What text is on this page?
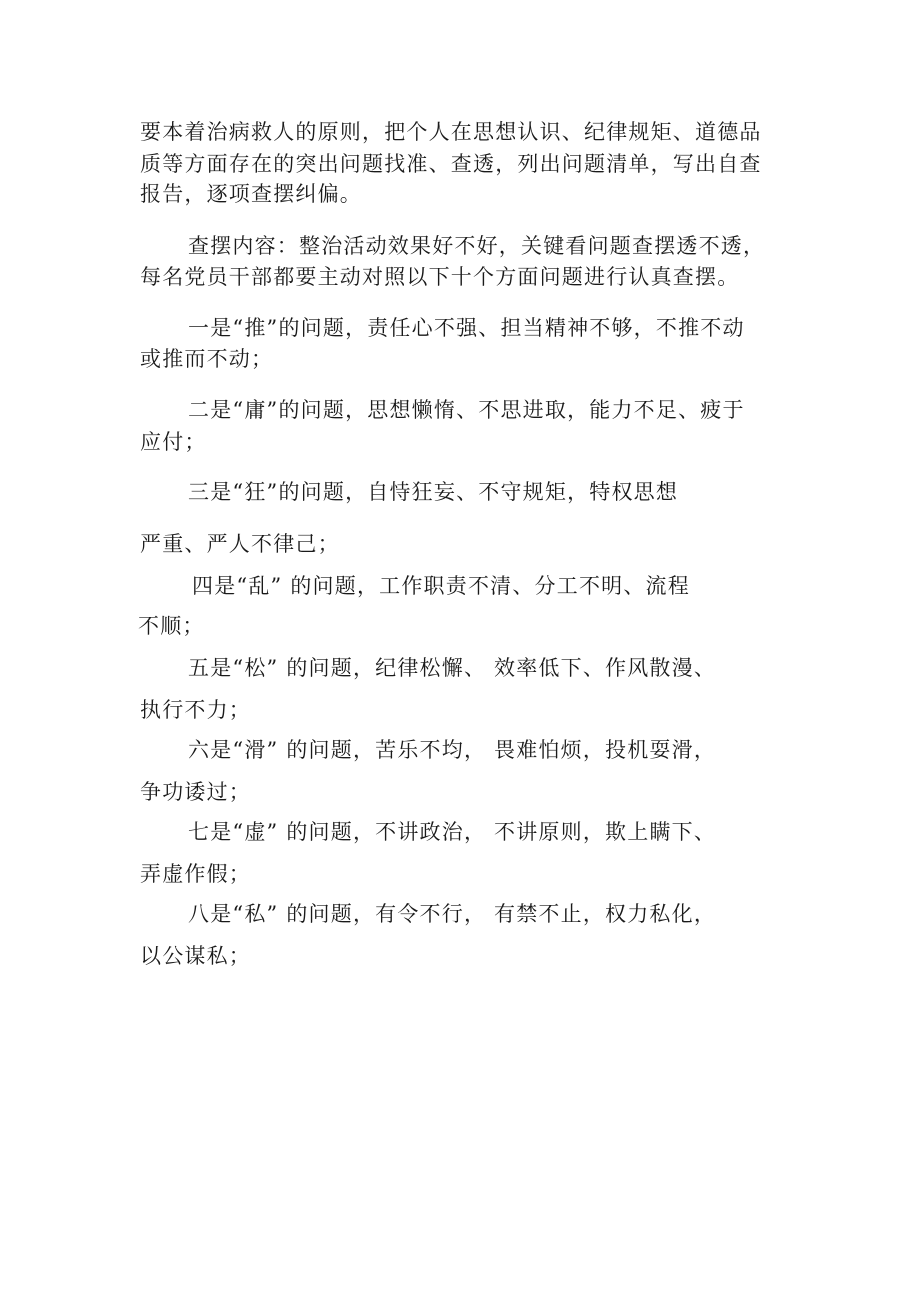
要本着治病救人的原则，把个人在思想认识、纪律规矩、道德品
质等方面存在的突出问题找准、查透，列出问题清单，写出自查
报告，逐项查摆纠偏。
查摆内容：整治活动效果好不好，关键看问题查摆透不透，
每名党员干部都要主动对照以下十个方面问题进行认真查摆。
一是“推”的问题，责任心不强、担当精神不够，不推不动
或推而不动；
二是“庸”的问题，思想懒惰、不思进取，能力不足、疲于
应付；
三是“狂”的问题，自恃狂妄、不守规矩，特权思想
严重、严人不律己；
四是“乱” 的问题，工作职责不清、分工不明、流程
不顺；
五是“松” 的问题，纪律松懈、 效率低下、作风散漫、
执行不力；
六是“滑” 的问题，苦乐不均， 畏难怕烦，投机耍滑，
争功诿过；
七是“虚” 的问题，不讲政治， 不讲原则，欺上瞒下、
弄虚作假；
八是“私” 的问题，有令不行， 有禁不止，权力私化，
以公谋私；
